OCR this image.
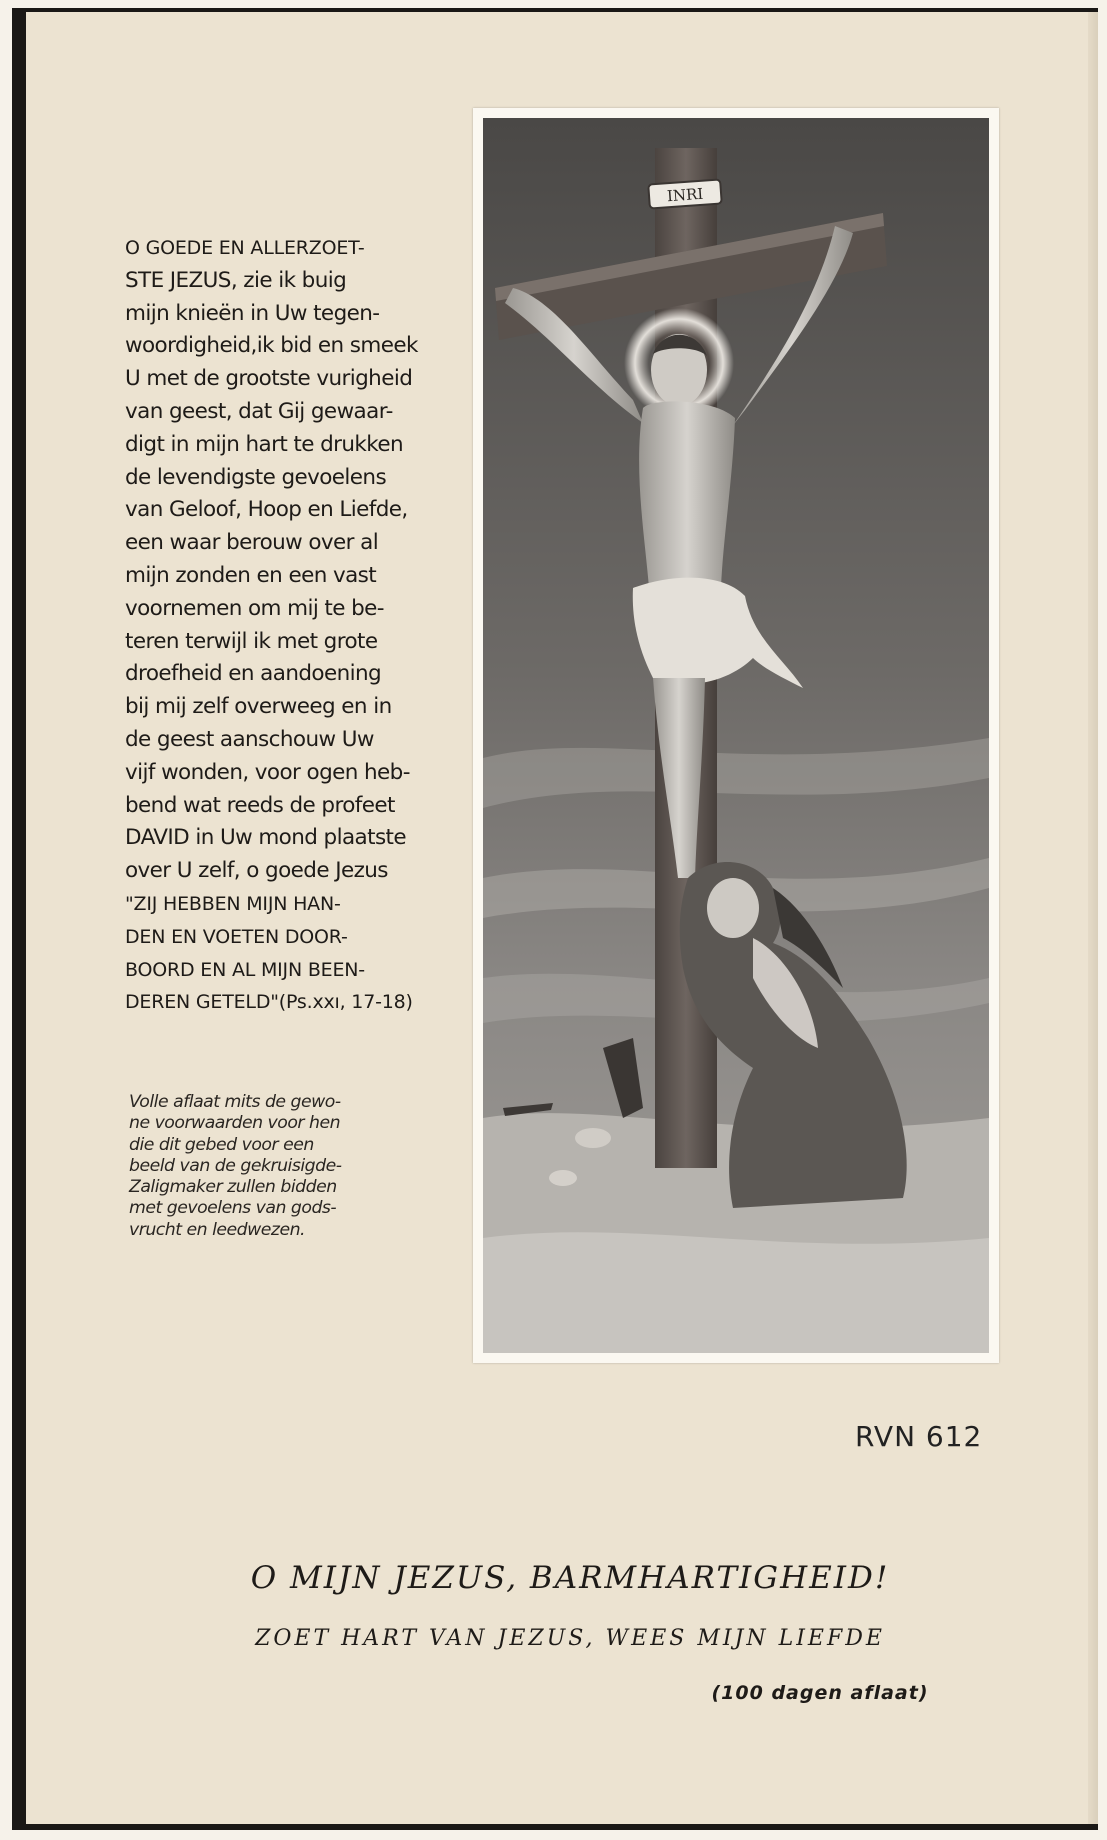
O GOEDE EN ALLERZOET-
STE JEZUS, zie ik buig
mijn knieën in Uw tegen-
woordigheid,ik bid en smeek
U met de grootste vurigheid
van geest, dat Gij gewaar-
digt in mijn hart te drukken
de levendigste gevoelens
van Geloof, Hoop en Liefde,
een waar berouw over al
mijn zonden en een vast
voornemen om mij te be-
teren terwijl ik met grote
droefheid en aandoening
bij mij zelf overweeg en in
de geest aanschouw Uw
vijf wonden, voor ogen heb-
bend wat reeds de profeet
DAVID in Uw mond plaatste
over U zelf, o goede Jezus
"ZIJ HEBBEN MIJN HAN-
DEN EN VOETEN DOOR-
BOORD EN AL MIJN BEEN-
DEREN GETELD"(Ps.xxı, 17-18)
Volle aflaat mits de gewo-
ne voorwaarden voor hen
die dit gebed voor een
beeld van de gekruisigde-
Zaligmaker zullen bidden
met gevoelens van gods-
vrucht en leedwezen.
INRI
RVN 612
O MIJN JEZUS, BARMHARTIGHEID!
ZOET HART VAN JEZUS, WEES MIJN LIEFDE
(100 dagen aflaat)
